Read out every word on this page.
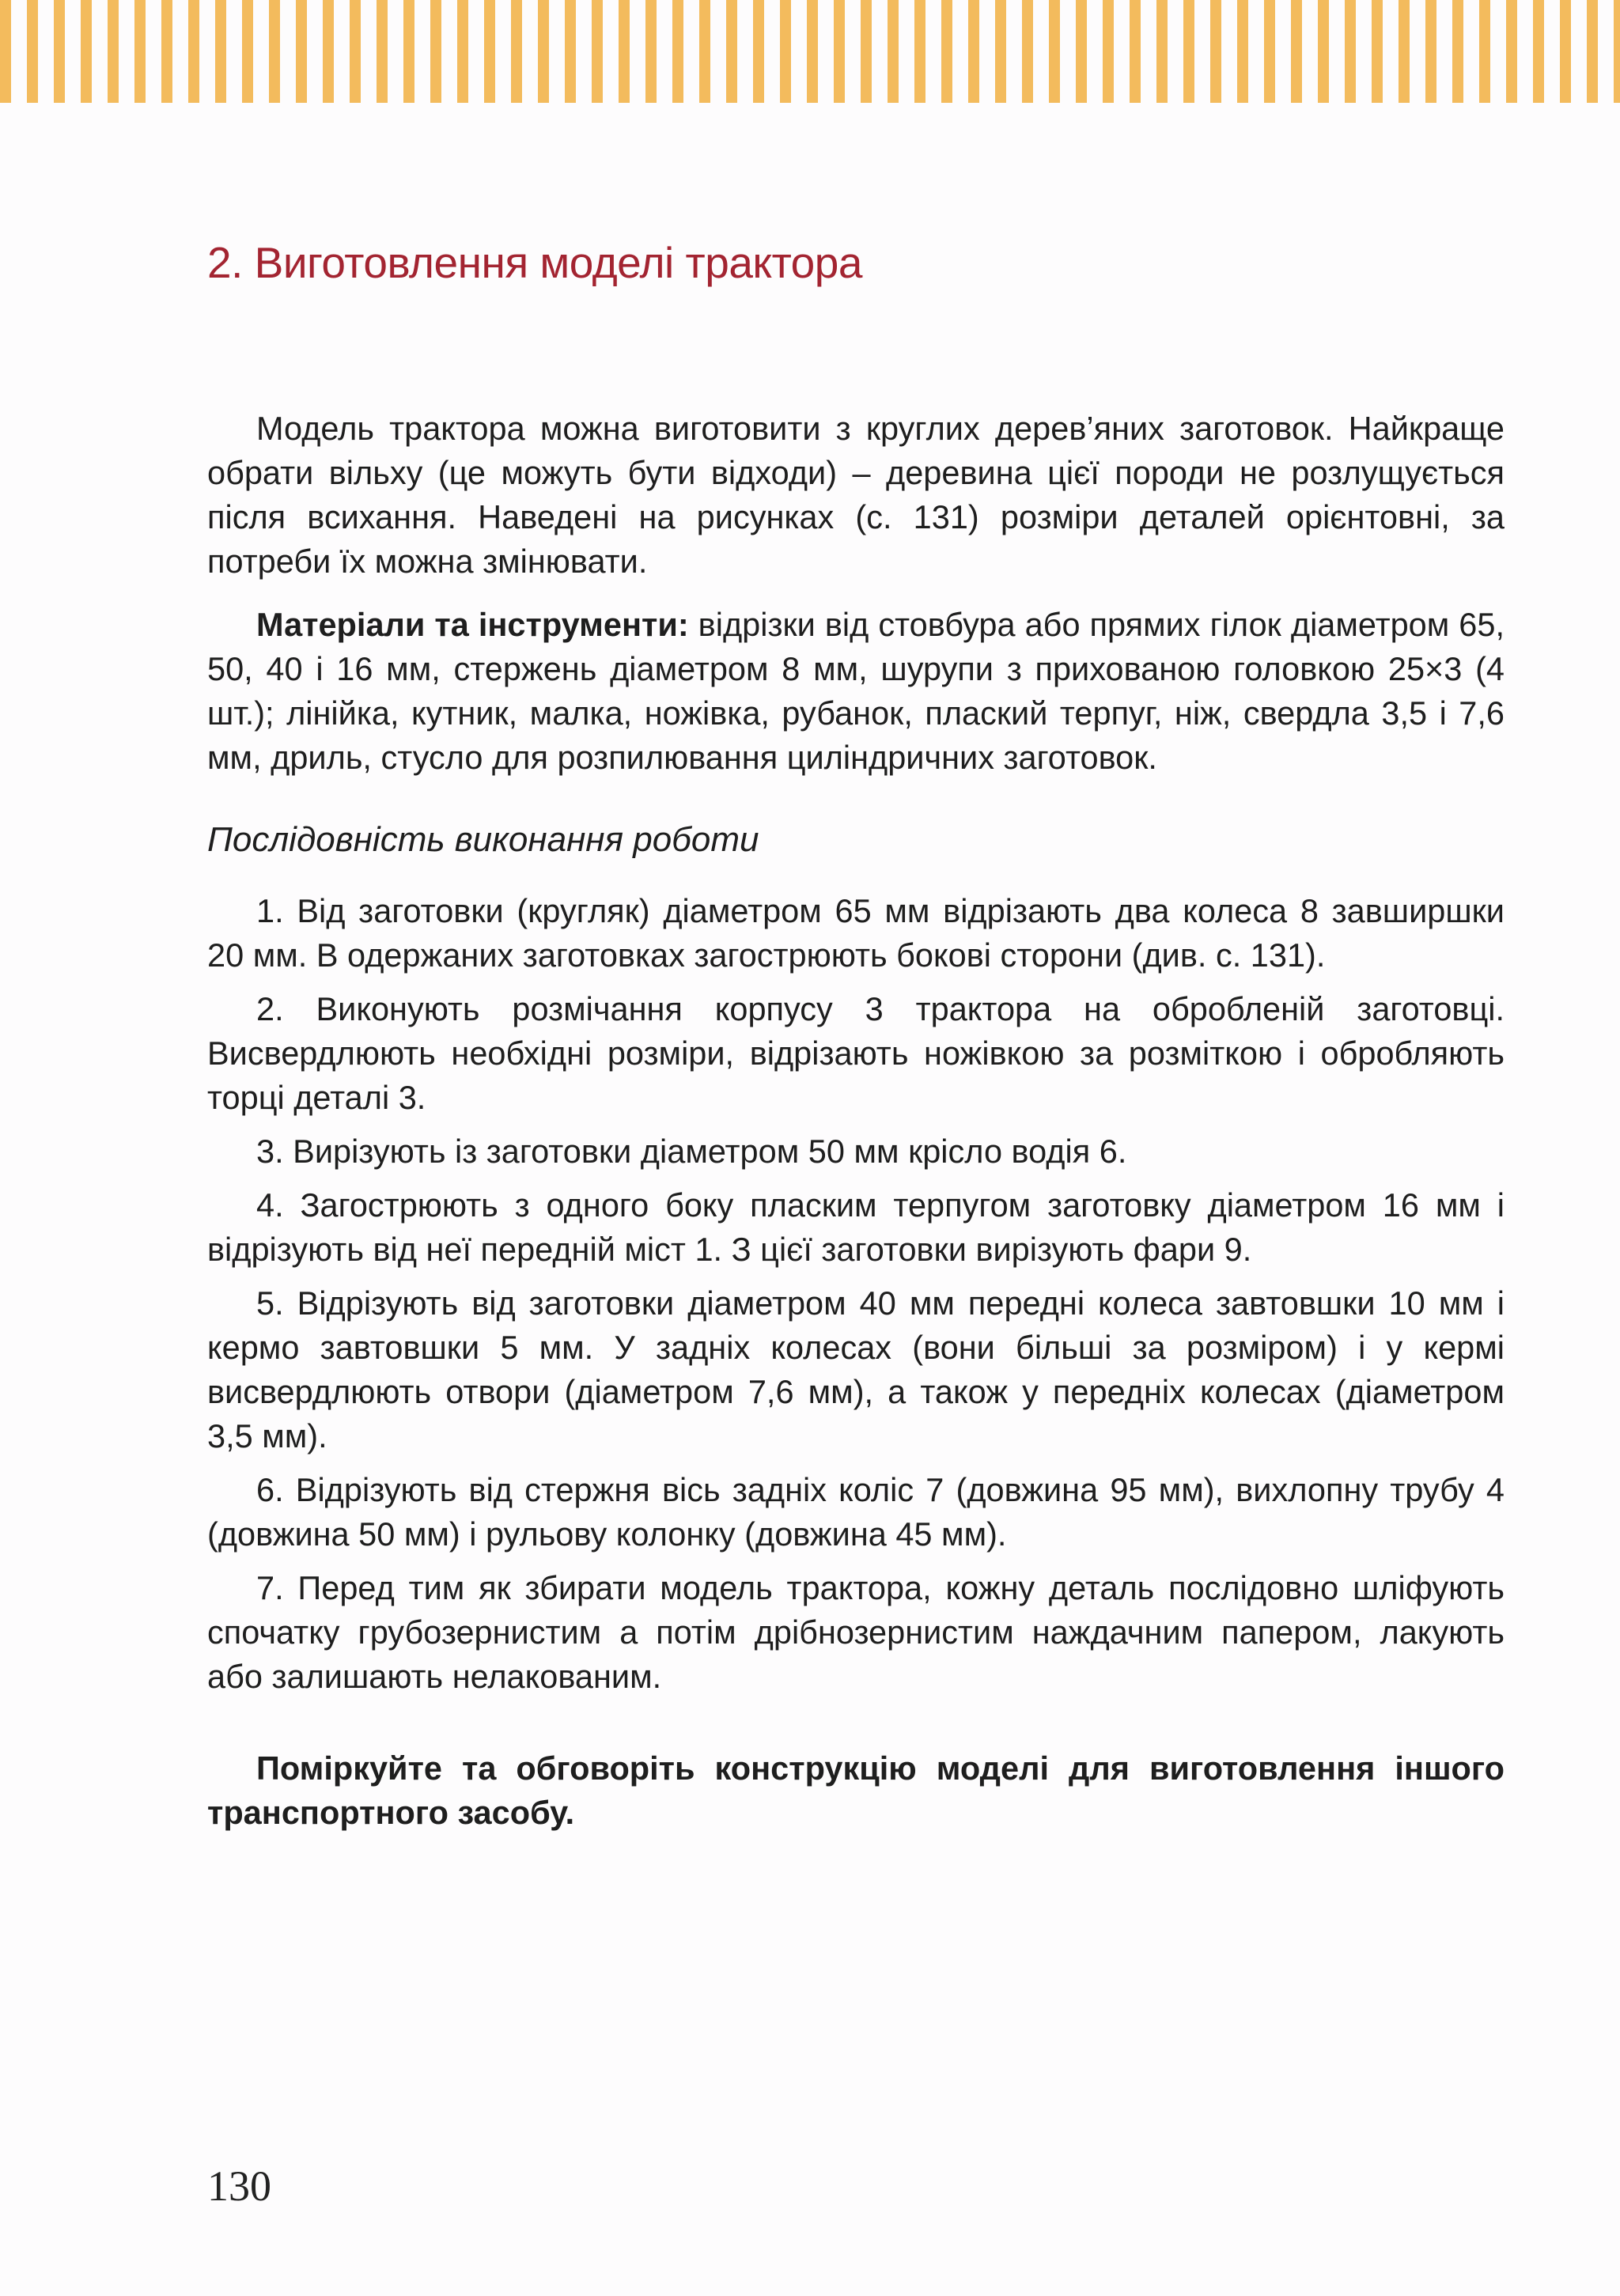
2. Виготовлення моделі трактора

Модель трактора можна виготовити з круглих дерев’яних заготовок. Найкраще обрати вільху (це можуть бути відходи) – деревина цієї породи не розлущується після всихання. Наведені на рисунках (с. 131) розміри деталей орієнтовні, за потреби їх можна змінювати.

Матеріали та інструменти: відрізки від стовбура або прямих гілок діаметром 65, 50, 40 і 16 мм, стержень діаметром 8 мм, шурупи з прихованою головкою 25×3 (4 шт.); лінійка, кутник, малка, ножівка, рубанок, плаский терпуг, ніж, свердла 3,5 і 7,6 мм, дриль, стусло для розпилювання циліндричних заготовок.

Послідовність виконання роботи

1. Від заготовки (кругляк) діаметром 65 мм відрізають два колеса 8 завширшки 20 мм. В одержаних заготовках загострюють бокові сторони (див. с. 131).

2. Виконують розмічання корпусу 3 трактора на обробленій заготовці. Висвердлюють необхідні розміри, відрізають ножівкою за розміткою і обробляють торці деталі 3.

3. Вирізують із заготовки діаметром 50 мм крісло водія 6.

4. Загострюють з одного боку пласким терпугом заготовку діаметром 16 мм і відрізують від неї передній міст 1. З цієї заготовки вирізують фари 9.

5. Відрізують від заготовки діаметром 40 мм передні колеса завтовшки 10 мм і кермо завтовшки 5 мм. У задніх колесах (вони більші за розміром) і у кермі висвердлюють отвори (діаметром 7,6 мм), а також у передніх колесах (діаметром 3,5 мм).

6. Відрізують від стержня вісь задніх коліс 7 (довжина 95 мм), вихлопну трубу 4 (довжина 50 мм) і рульову колонку (довжина 45 мм).

7. Перед тим як збирати модель трактора, кожну деталь послідовно шліфують спочатку грубозернистим а потім дрібнозернистим наждачним папером, лакують або залишають нелакованим.

Поміркуйте та обговоріть конструкцію моделі для виготовлення іншого транспортного засобу.

130
